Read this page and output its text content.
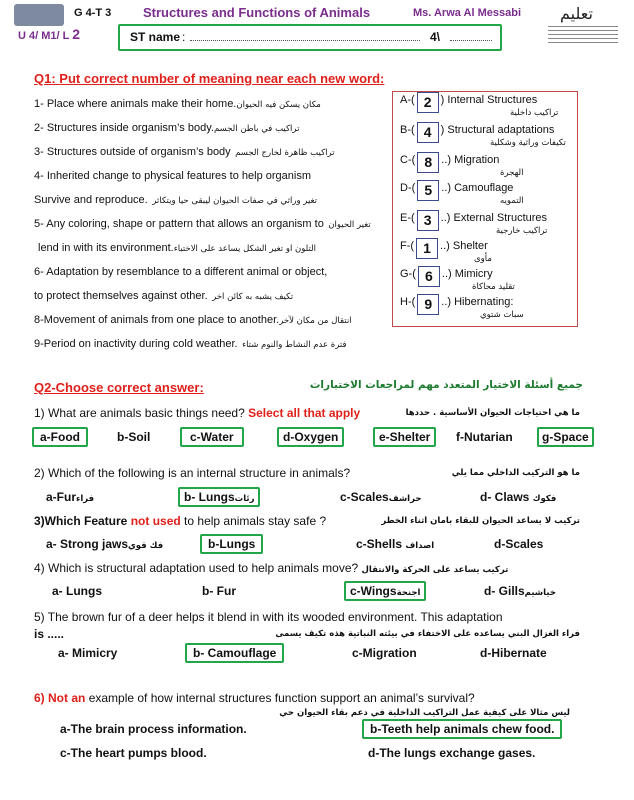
G 4-T 3 Structures and Functions of Animals	Ms. Arwa Al Messabi تعليم
U 4/ M1/ L 2	ST name :	4\
Q1: Put correct number of meaning near each new word:
1- Place where animals make their home.مكان يسكن فيه الحيوان
2- Structures inside organism’s body.تراكيب في باطن الجسم
3- Structures outside of organism’s body تراكيب ظاهرة لخارج الجسم
4- Inherited change to physical features to help organism
Survive and reproduce. تغير وراثي في صفات الحيوان ليبقى حيا ويتكاثر
5- Any coloring, shape or pattern that allows an organism to تغير الحيوان
lend in with its environment.التلون او تغير الشكل يساعد على الاختباء
6- Adaptation by resemblance to a different animal or object,
to protect themselves against other. تكيف يشبه به كائن اخر
8-Movement of animals from one place to another.انتقال من مكان لآخر
9-Period on inactivity during cold weather. فترة عدم النشاط والنوم شتاء
A-( 2 ) Internal Structures
تراكيب داخلية
B-( 4 ) Structural adaptations
تكيفات وراثية وشكلية
C-( 8 ..) Migration
الهجرة
D-( 5 ..) Camouflage
التمويه
E-( 3 ..) External Structures
تراكيب خارجية
F-( 1 ..) Shelter
مأوى
G-( 6 ..) Mimicry
تقليد محاكاة
H-( 9 ..) Hibernating:
سبات شتوي
Q2-Choose correct answer:	جميع أسئلة الاختيار المتعدد مهم لمراجعات الاختبارات
1) What are animals basic things need? Select all that apply	ما هي احتياجات الحيوان الأساسية . حددها
a-Food	b-Soil	c-Water	d-Oxygen	e-Shelter	f-Nutarian	g-Space
2) Which of the following is an internal structure in animals?	ما هو التركيب الداخلي مما يلي
a-Furفراء	b- Lungsرئات	c-Scalesحراشف	d- Claws فكوك
3)Which Feature not used to help animals stay safe ?	تركيب لا يساعد الحيوان للبقاء بامان اثناء الخطر
a- Strong jawsفك قوي	b-Lungs	c-Shells اصداف	d-Scales
4) Which is structural adaptation used to help animals move? تركيب يساعد على الحركة والانتقال
a- Lungs	b- Fur	c-Wingsاجنحة	d- Gillsخياشيم
5) The brown fur of a deer helps it blend in with its wooded environment. This adaptation
is .....	فراء الغزال البني يساعده على الاختفاء في بيئته النباتية هذه تكيف يسمى
a- Mimicry	b- Camouflage	c-Migration	d-Hibernate
6) Not an example of how internal structures function support an animal’s survival?
ليس مثالا على كيفية عمل التراكيب الداخلية في دعم بقاء الحيوان حي
a-The brain process information.	b-Teeth help animals chew food.
c-The heart pumps blood.	d-The lungs exchange gases.
